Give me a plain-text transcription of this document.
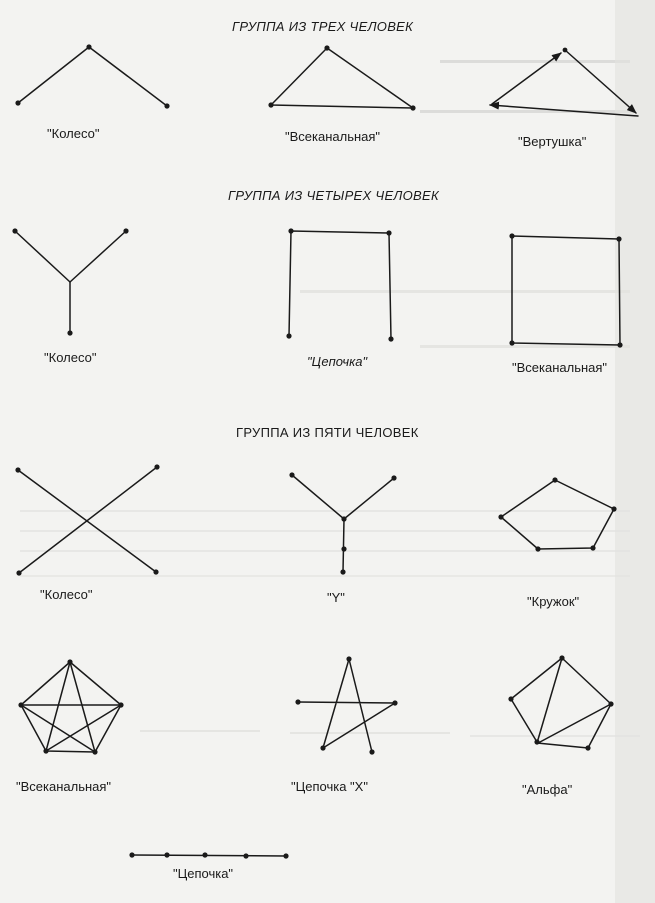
ГРУППА ИЗ ТРЕХ ЧЕЛОВЕК
ГРУППА ИЗ ЧЕТЫРЕХ ЧЕЛОВЕК
ГРУППА ИЗ ПЯТИ ЧЕЛОВЕК
"Колесо"	"Всеканальная"	"Вертушка"
"Колесо"	"Цепочка"	"Всеканальная"
"Колесо"	"Y"	"Кружок"
"Всеканальная"	"Цепочка "Х"	"Альфа"
"Цепочка"
